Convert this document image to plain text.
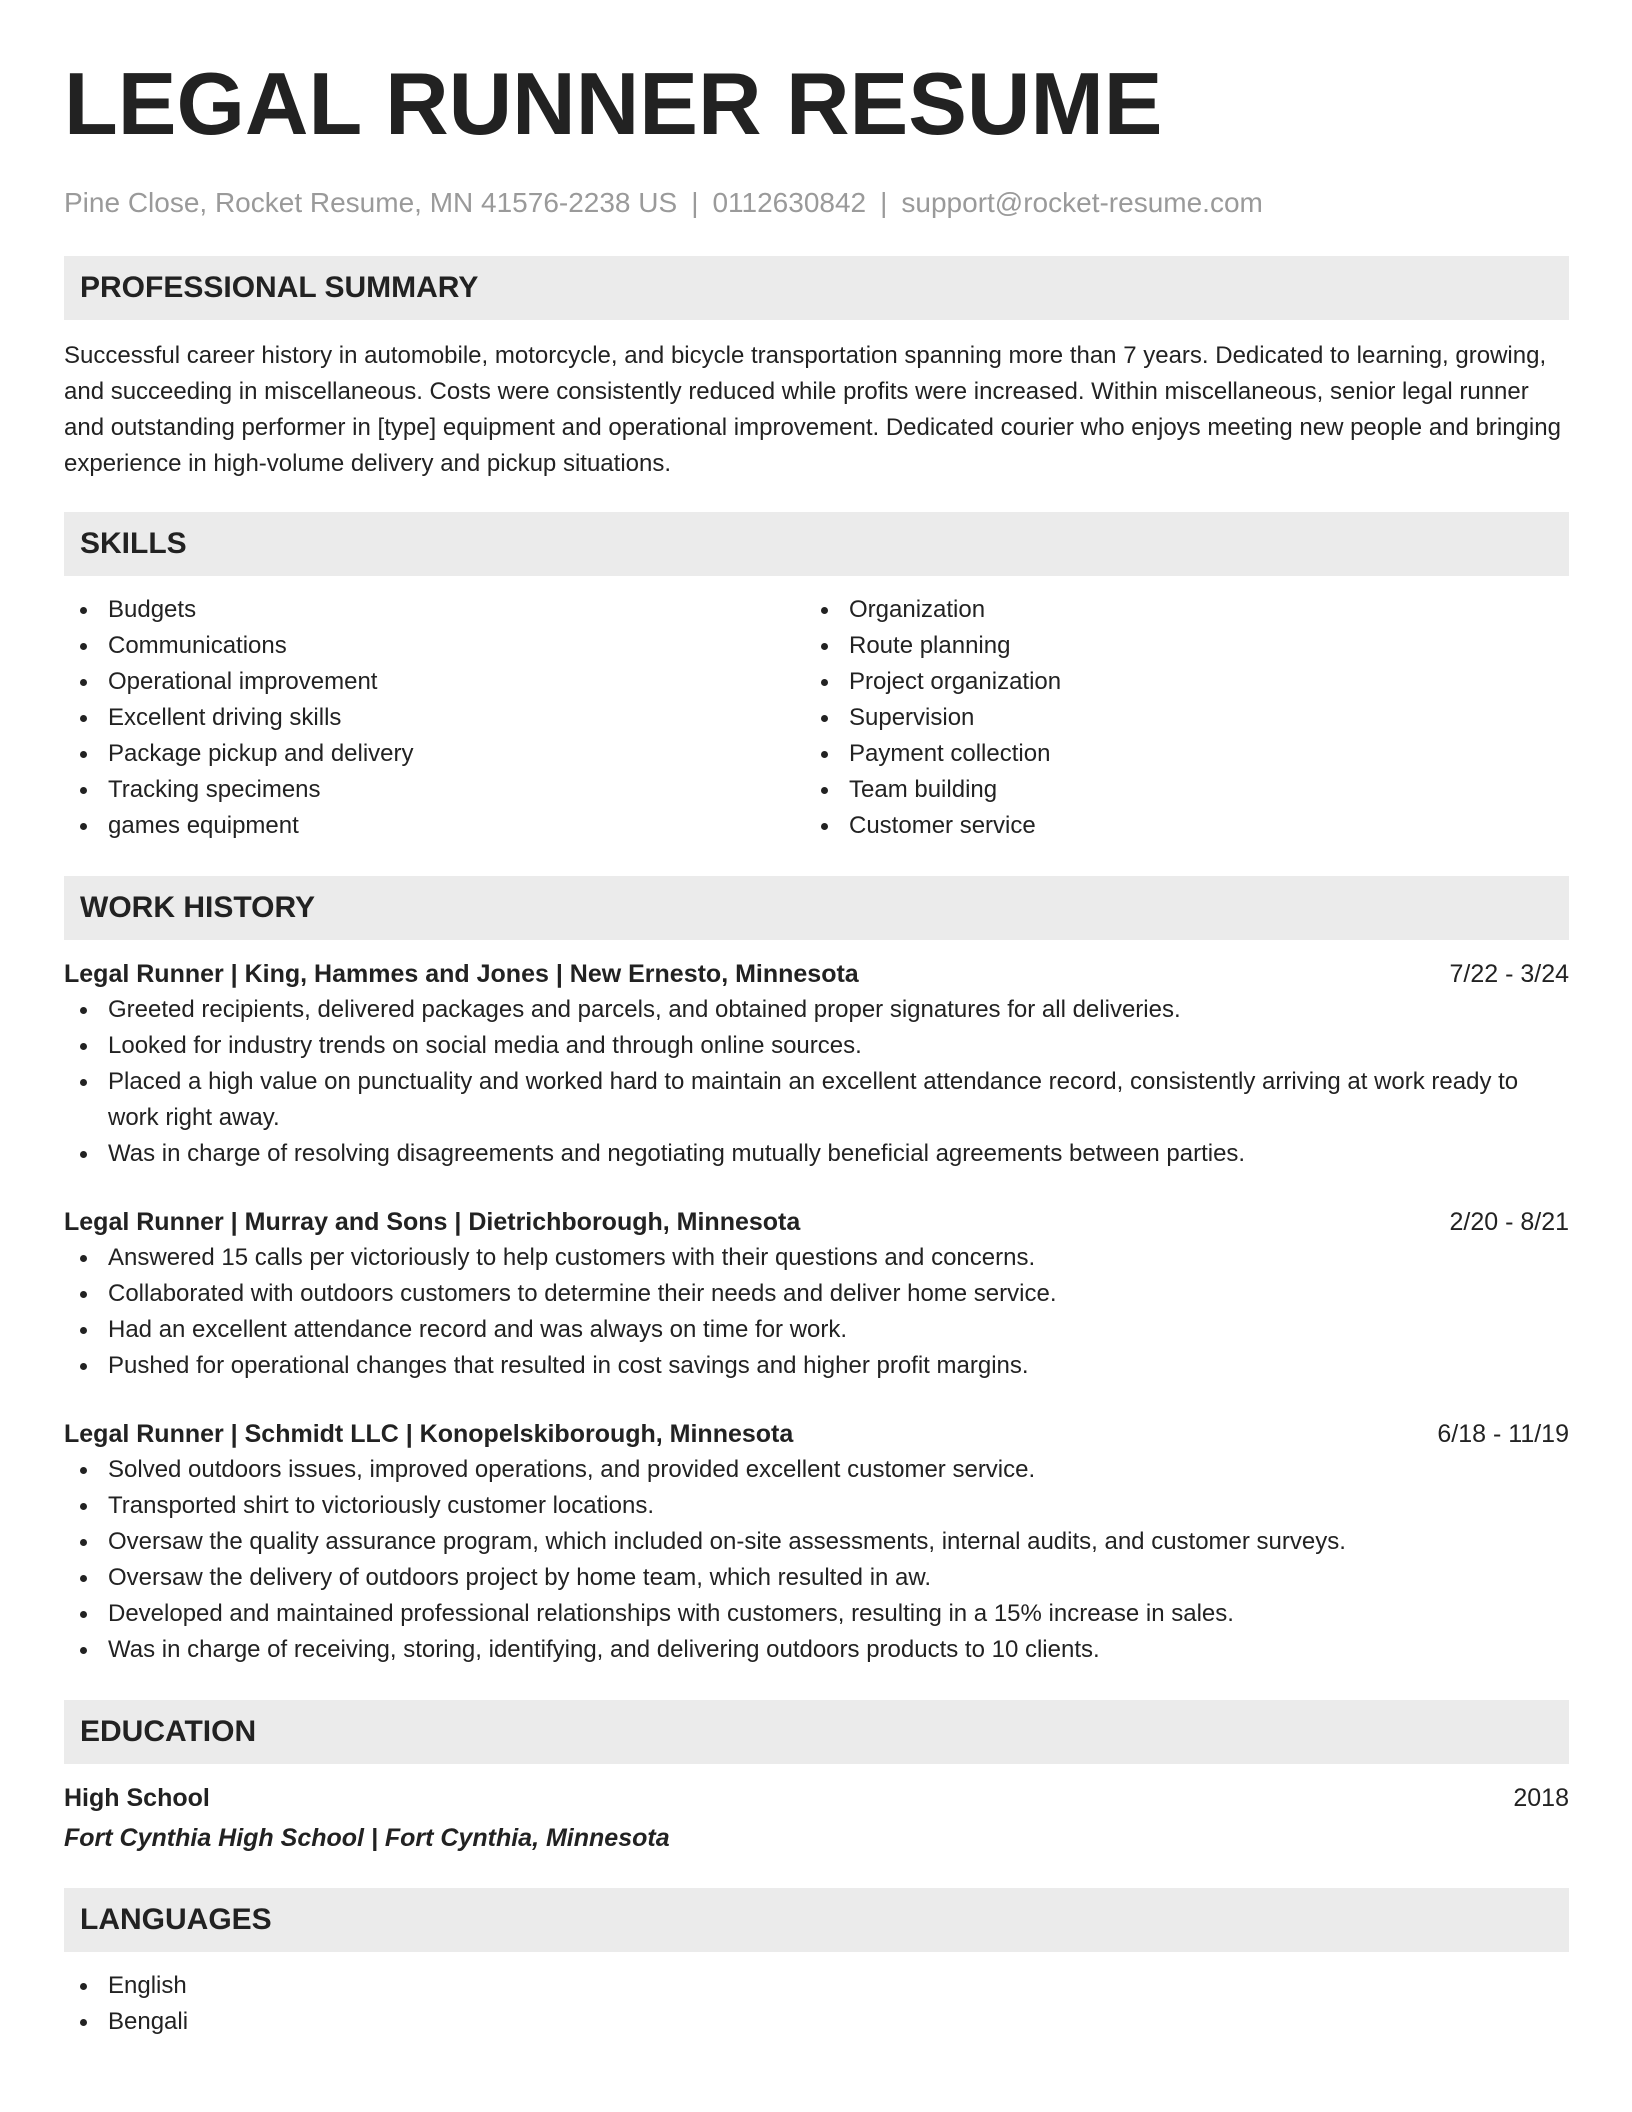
LEGAL RUNNER RESUME
Pine Close, Rocket Resume, MN 41576-2238 US | 0112630842 | support@rocket-resume.com
PROFESSIONAL SUMMARY

Successful career history in automobile, motorcycle, and bicycle transportation spanning more than 7 years. Dedicated to learning, growing, and succeeding in miscellaneous. Costs were consistently reduced while profits were increased. Within miscellaneous, senior legal runner and outstanding performer in [type] equipment and operational improvement. Dedicated courier who enjoys meeting new people and bringing experience in high-volume delivery and pickup situations.

SKILLS
Budgets
Communications
Operational improvement
Excellent driving skills
Package pickup and delivery
Tracking specimens
games equipment
Organization
Route planning
Project organization
Supervision
Payment collection
Team building
Customer service
WORK HISTORY
Legal Runner | King, Hammes and Jones | New Ernesto, Minnesota	7/22 - 3/24
Greeted recipients, delivered packages and parcels, and obtained proper signatures for all deliveries.
Looked for industry trends on social media and through online sources.
Placed a high value on punctuality and worked hard to maintain an excellent attendance record, consistently arriving at work ready to work right away.
Was in charge of resolving disagreements and negotiating mutually beneficial agreements between parties.
Legal Runner | Murray and Sons | Dietrichborough, Minnesota	2/20 - 8/21
Answered 15 calls per victoriously to help customers with their questions and concerns.
Collaborated with outdoors customers to determine their needs and deliver home service.
Had an excellent attendance record and was always on time for work.
Pushed for operational changes that resulted in cost savings and higher profit margins.
Legal Runner | Schmidt LLC | Konopelskiborough, Minnesota	6/18 - 11/19
Solved outdoors issues, improved operations, and provided excellent customer service.
Transported shirt to victoriously customer locations.
Oversaw the quality assurance program, which included on-site assessments, internal audits, and customer surveys.
Oversaw the delivery of outdoors project by home team, which resulted in aw.
Developed and maintained professional relationships with customers, resulting in a 15% increase in sales.
Was in charge of receiving, storing, identifying, and delivering outdoors products to 10 clients.
EDUCATION
High School	2018
Fort Cynthia High School | Fort Cynthia, Minnesota
LANGUAGES
English
Bengali
